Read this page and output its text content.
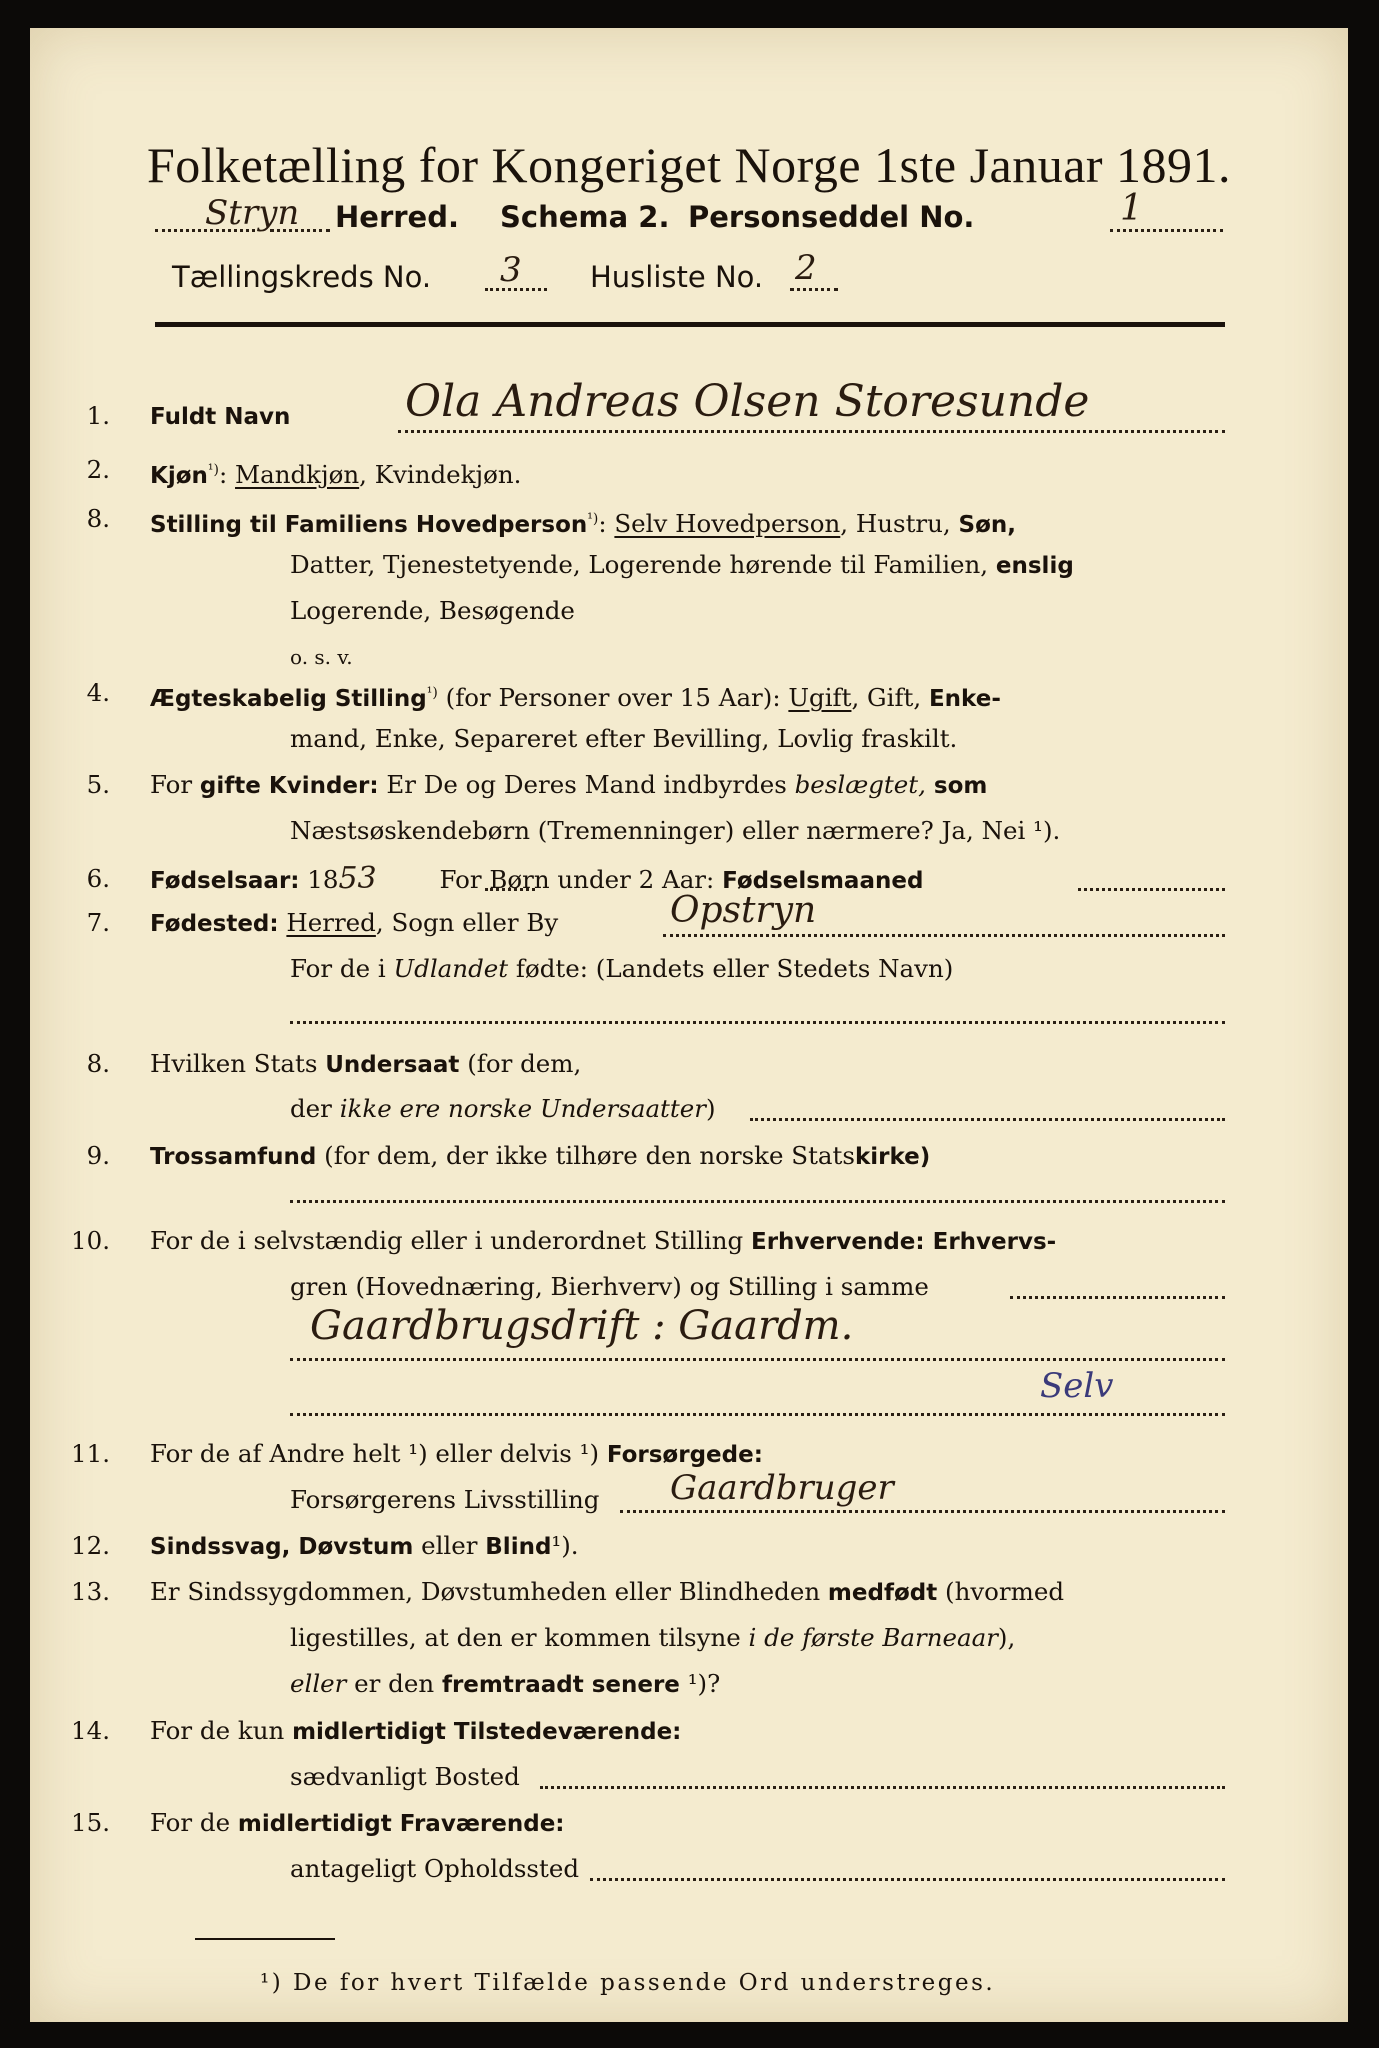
Folketælling for Kongeriget Norge 1ste Januar 1891.
Stryn Herred. Schema 2. Personseddel No.	1
Tællingskreds No. 3 Husliste No. 2
1. Fuldt Navn	Ola Andreas Olsen Storesunde
2. Kjøn$^{^1)}$: Mandkjøn, Kvindekjøn.
8. Stilling til Familiens Hovedperson$^{^1)}$: Selv Hovedperson, Hustru, Søn,
Datter, Tjenestetyende, Logerende hørende til Familien, enslig
Logerende, Besøgende
o. s. v.
4. Ægteskabelig Stilling$^{^1)}$ (for Personer over 15 Aar): Ugift, Gift, Enke-
mand, Enke, Separeret efter Bevilling, Lovlig fraskilt.
5. For gifte Kvinder: Er De og Deres Mand indbyrdes beslægtet, som
Næstsøskendebørn (Tremenninger) eller nærmere? Ja, Nei ¹).
6. Fødselsaar: 1853 For Børn under 2 Aar: Fødselsmaaned
7. Fødested: Herred, Sogn eller By	Opstryn
For de i Udlandet fødte: (Landets eller Stedets Navn)
8. Hvilken Stats Undersaat (for dem,
der ikke ere norske Undersaatter)
9. Trossamfund (for dem, der ikke tilhøre den norske Statskirke)
10. For de i selvstændig eller i underordnet Stilling Erhvervende: Erhvervs-
gren (Hovednæring, Bierhverv) og Stilling i samme
Gaardbrugsdrift : Gaardm.
Selv
11. For de af Andre helt ¹) eller delvis ¹) Forsørgede:
Forsørgerens Livsstilling Gaardbruger
12. Sindssvag, Døvstum eller Blind¹).
13. Er Sindssygdommen, Døvstumheden eller Blindheden medfødt (hvormed
ligestilles, at den er kommen tilsyne i de første Barneaar),
eller er den fremtraadt senere ¹)?
14. For de kun midlertidigt Tilstedeværende:
sædvanligt Bosted
15. For de midlertidigt Fraværende:
antageligt Opholdssted
¹) De for hvert Tilfælde passende Ord understreges.
